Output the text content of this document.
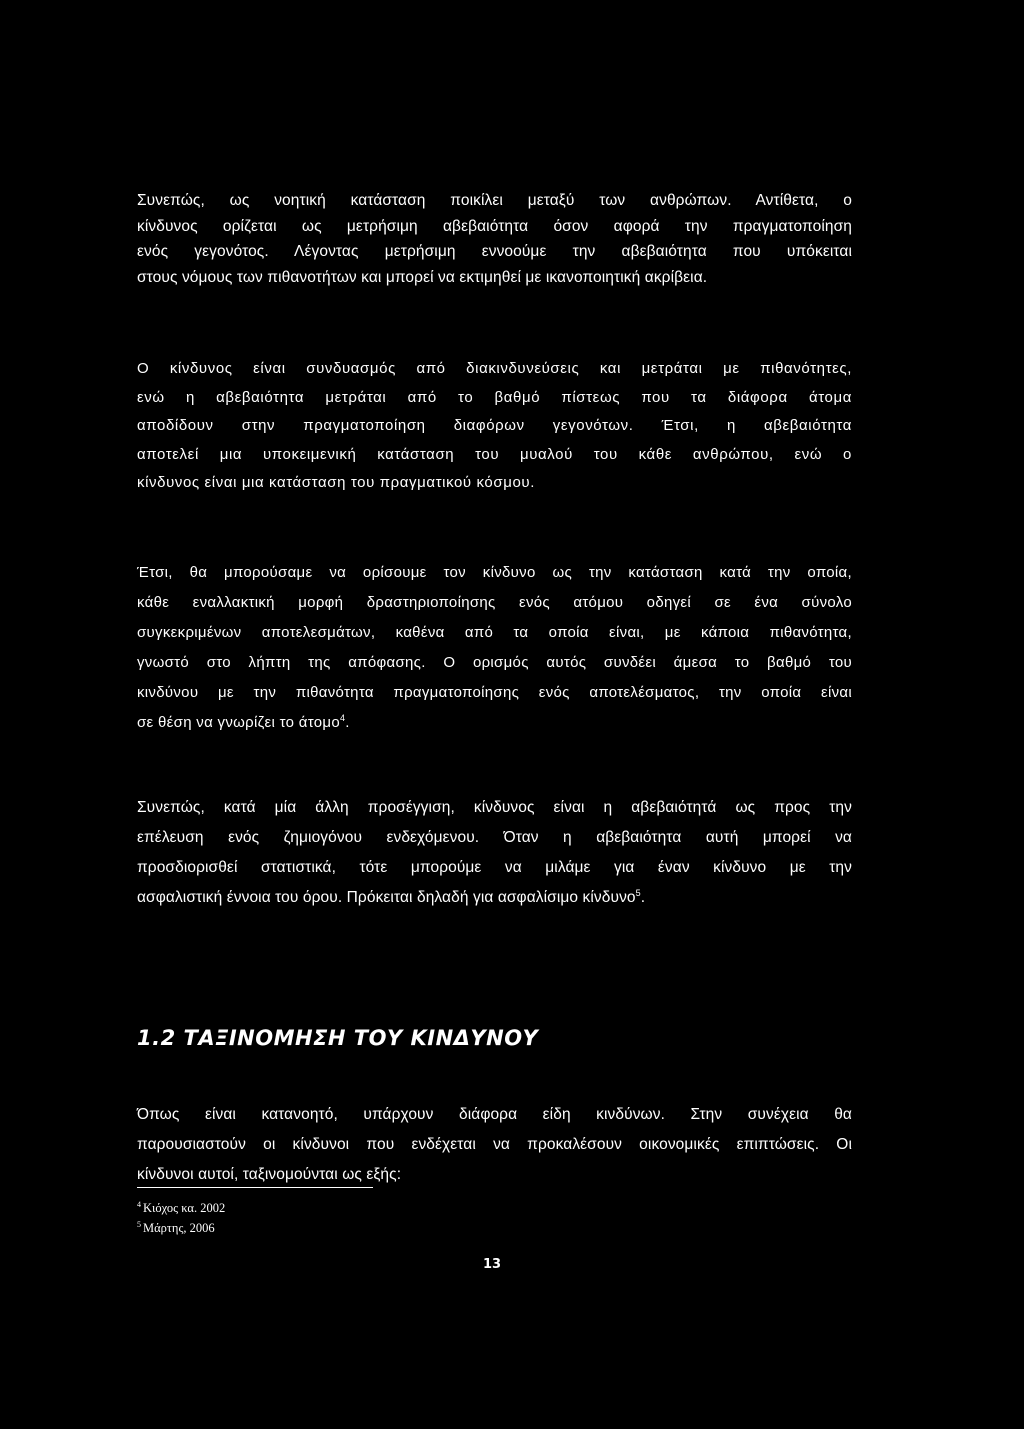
Συνεπώς, ως νοητική κατάσταση ποικίλει μεταξύ των ανθρώπων. Αντίθετα, ο
κίνδυνος ορίζεται ως μετρήσιμη αβεβαιότητα όσον αφορά την πραγματοποίηση
ενός γεγονότος. Λέγοντας μετρήσιμη εννοούμε την αβεβαιότητα που υπόκειται
στους νόμους των πιθανοτήτων και μπορεί να εκτιμηθεί με ικανοποιητική ακρίβεια.

Ο κίνδυνος είναι συνδυασμός από διακινδυνεύσεις και μετράται με πιθανότητες,
ενώ η αβεβαιότητα μετράται από το βαθμό πίστεως που τα διάφορα άτομα
αποδίδουν στην πραγματοποίηση διαφόρων γεγονότων. Έτσι, η αβεβαιότητα
αποτελεί μια υποκειμενική κατάσταση του μυαλού του κάθε ανθρώπου, ενώ ο
κίνδυνος είναι μια κατάσταση του πραγματικού κόσμου.

Έτσι, θα μπορούσαμε να ορίσουμε τον κίνδυνο ως την κατάσταση κατά την οποία,
κάθε εναλλακτική μορφή δραστηριοποίησης ενός ατόμου οδηγεί σε ένα σύνολο
συγκεκριμένων αποτελεσμάτων, καθένα από τα οποία είναι, με κάποια πιθανότητα,
γνωστό στο λήπτη της απόφασης. Ο ορισμός αυτός συνδέει άμεσα το βαθμό του
κινδύνου με την πιθανότητα πραγματοποίησης ενός αποτελέσματος, την οποία είναι
σε θέση να γνωρίζει το άτομο$^4$.

Συνεπώς, κατά μία άλλη προσέγγιση, κίνδυνος είναι η αβεβαιότητά ως προς την
επέλευση ενός ζημιογόνου ενδεχόμενου. Όταν η αβεβαιότητα αυτή μπορεί να
προσδιορισθεί στατιστικά, τότε μπορούμε να μιλάμε για έναν κίνδυνο με την
ασφαλιστική έννοια του όρου. Πρόκειται δηλαδή για ασφαλίσιμο κίνδυνο$^5$.

1.2 ΤΑΞΙΝΟΜΗΣΗ ΤΟΥ ΚΙΝΔΥΝΟΥ

Όπως είναι κατανοητό, υπάρχουν διάφορα είδη κινδύνων. Στην συνέχεια θα
παρουσιαστούν οι κίνδυνοι που ενδέχεται να προκαλέσουν οικονομικές επιπτώσεις. Οι
κίνδυνοι αυτοί, ταξινομούνται ως εξής:

$^4$ Κιόχος κα. 2002
$^5$ Μάρτης, 2006
13
